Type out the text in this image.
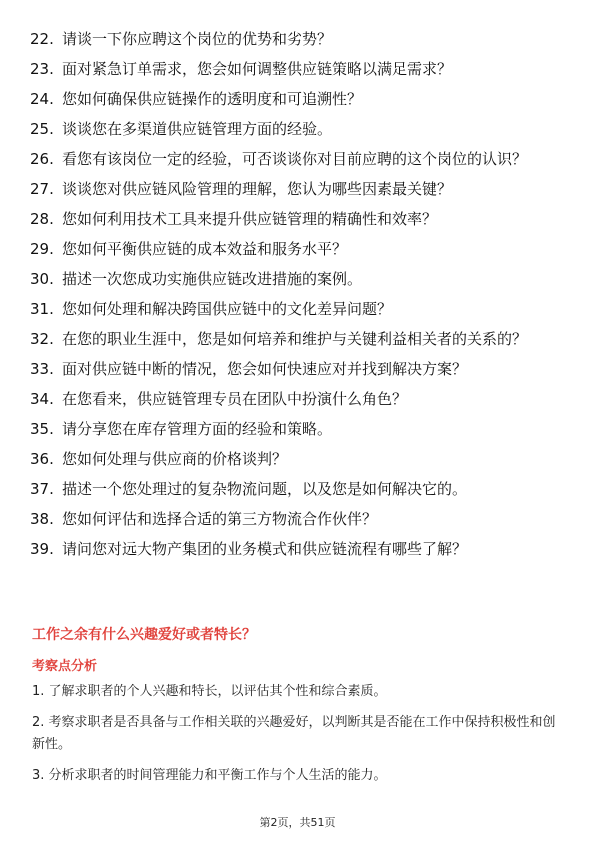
22. 请谈一下你应聘这个岗位的优势和劣势？
23. 面对紧急订单需求，您会如何调整供应链策略以满足需求？
24. 您如何确保供应链操作的透明度和可追溯性？
25. 谈谈您在多渠道供应链管理方面的经验。
26. 看您有该岗位一定的经验，可否谈谈你对目前应聘的这个岗位的认识？
27. 谈谈您对供应链风险管理的理解，您认为哪些因素最关键？
28. 您如何利用技术工具来提升供应链管理的精确性和效率？
29. 您如何平衡供应链的成本效益和服务水平？
30. 描述一次您成功实施供应链改进措施的案例。
31. 您如何处理和解决跨国供应链中的文化差异问题？
32. 在您的职业生涯中，您是如何培养和维护与关键利益相关者的关系的？
33. 面对供应链中断的情况，您会如何快速应对并找到解决方案？
34. 在您看来，供应链管理专员在团队中扮演什么角色？
35. 请分享您在库存管理方面的经验和策略。
36. 您如何处理与供应商的价格谈判？
37. 描述一个您处理过的复杂物流问题，以及您是如何解决它的。
38. 您如何评估和选择合适的第三方物流合作伙伴？
39. 请问您对远大物产集团的业务模式和供应链流程有哪些了解？
工作之余有什么兴趣爱好或者特长？
考察点分析
1. 了解求职者的个人兴趣和特长，以评估其个性和综合素质。
2. 考察求职者是否具备与工作相关联的兴趣爱好，以判断其是否能在工作中保持积极性和创新性。
3. 分析求职者的时间管理能力和平衡工作与个人生活的能力。
第2页，共51页
